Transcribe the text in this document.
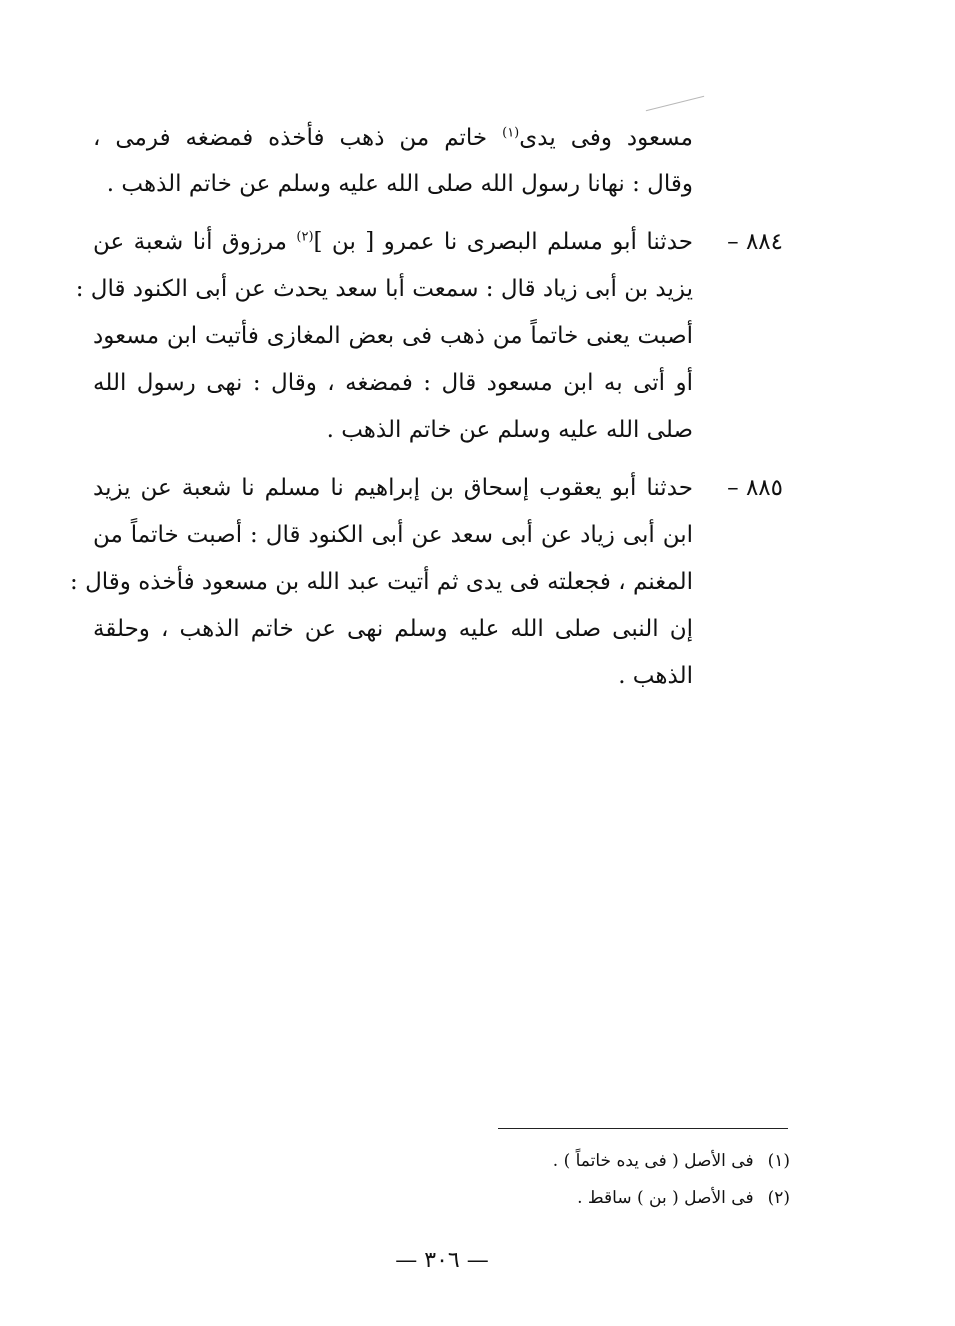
مسعود وفى يدى$^{(١)}$ خاتم من ذهب فأخذه فمضغه فرمى ،
وقال : نهانا رسول الله صلى الله عليه وسلم عن خاتم الذهب .
٨٨٤ –
حدثنا أبو مسلم البصرى نا عمرو [ بن ]$^{(٢)}$ مرزوق أنا شعبة عن
يزيد بن أبى زياد قال : سمعت أبا سعد يحدث عن أبى الكنود قال :
أصبت يعنى خاتماً من ذهب فى بعض المغازى فأتيت ابن مسعود
أو أتى به ابن مسعود قال : فمضغه ، وقال : نهى رسول الله
صلى الله عليه وسلم عن خاتم الذهب .
٨٨٥ –
حدثنا أبو يعقوب إسحاق بن إبراهيم نا مسلم نا شعبة عن يزيد
ابن أبى زياد عن أبى سعد عن أبى الكنود قال : أصبت خاتماً من
المغنم ، فجعلته فى يدى ثم أتيت عبد الله بن مسعود فأخذه وقال :
إن النبى صلى الله عليه وسلم نهى عن خاتم الذهب ، وحلقة
الذهب .
(١)فى الأصل ( فى يده خاتماً ) .
(٢)فى الأصل ( بن ) ساقط .
— ٣٠٦ —
